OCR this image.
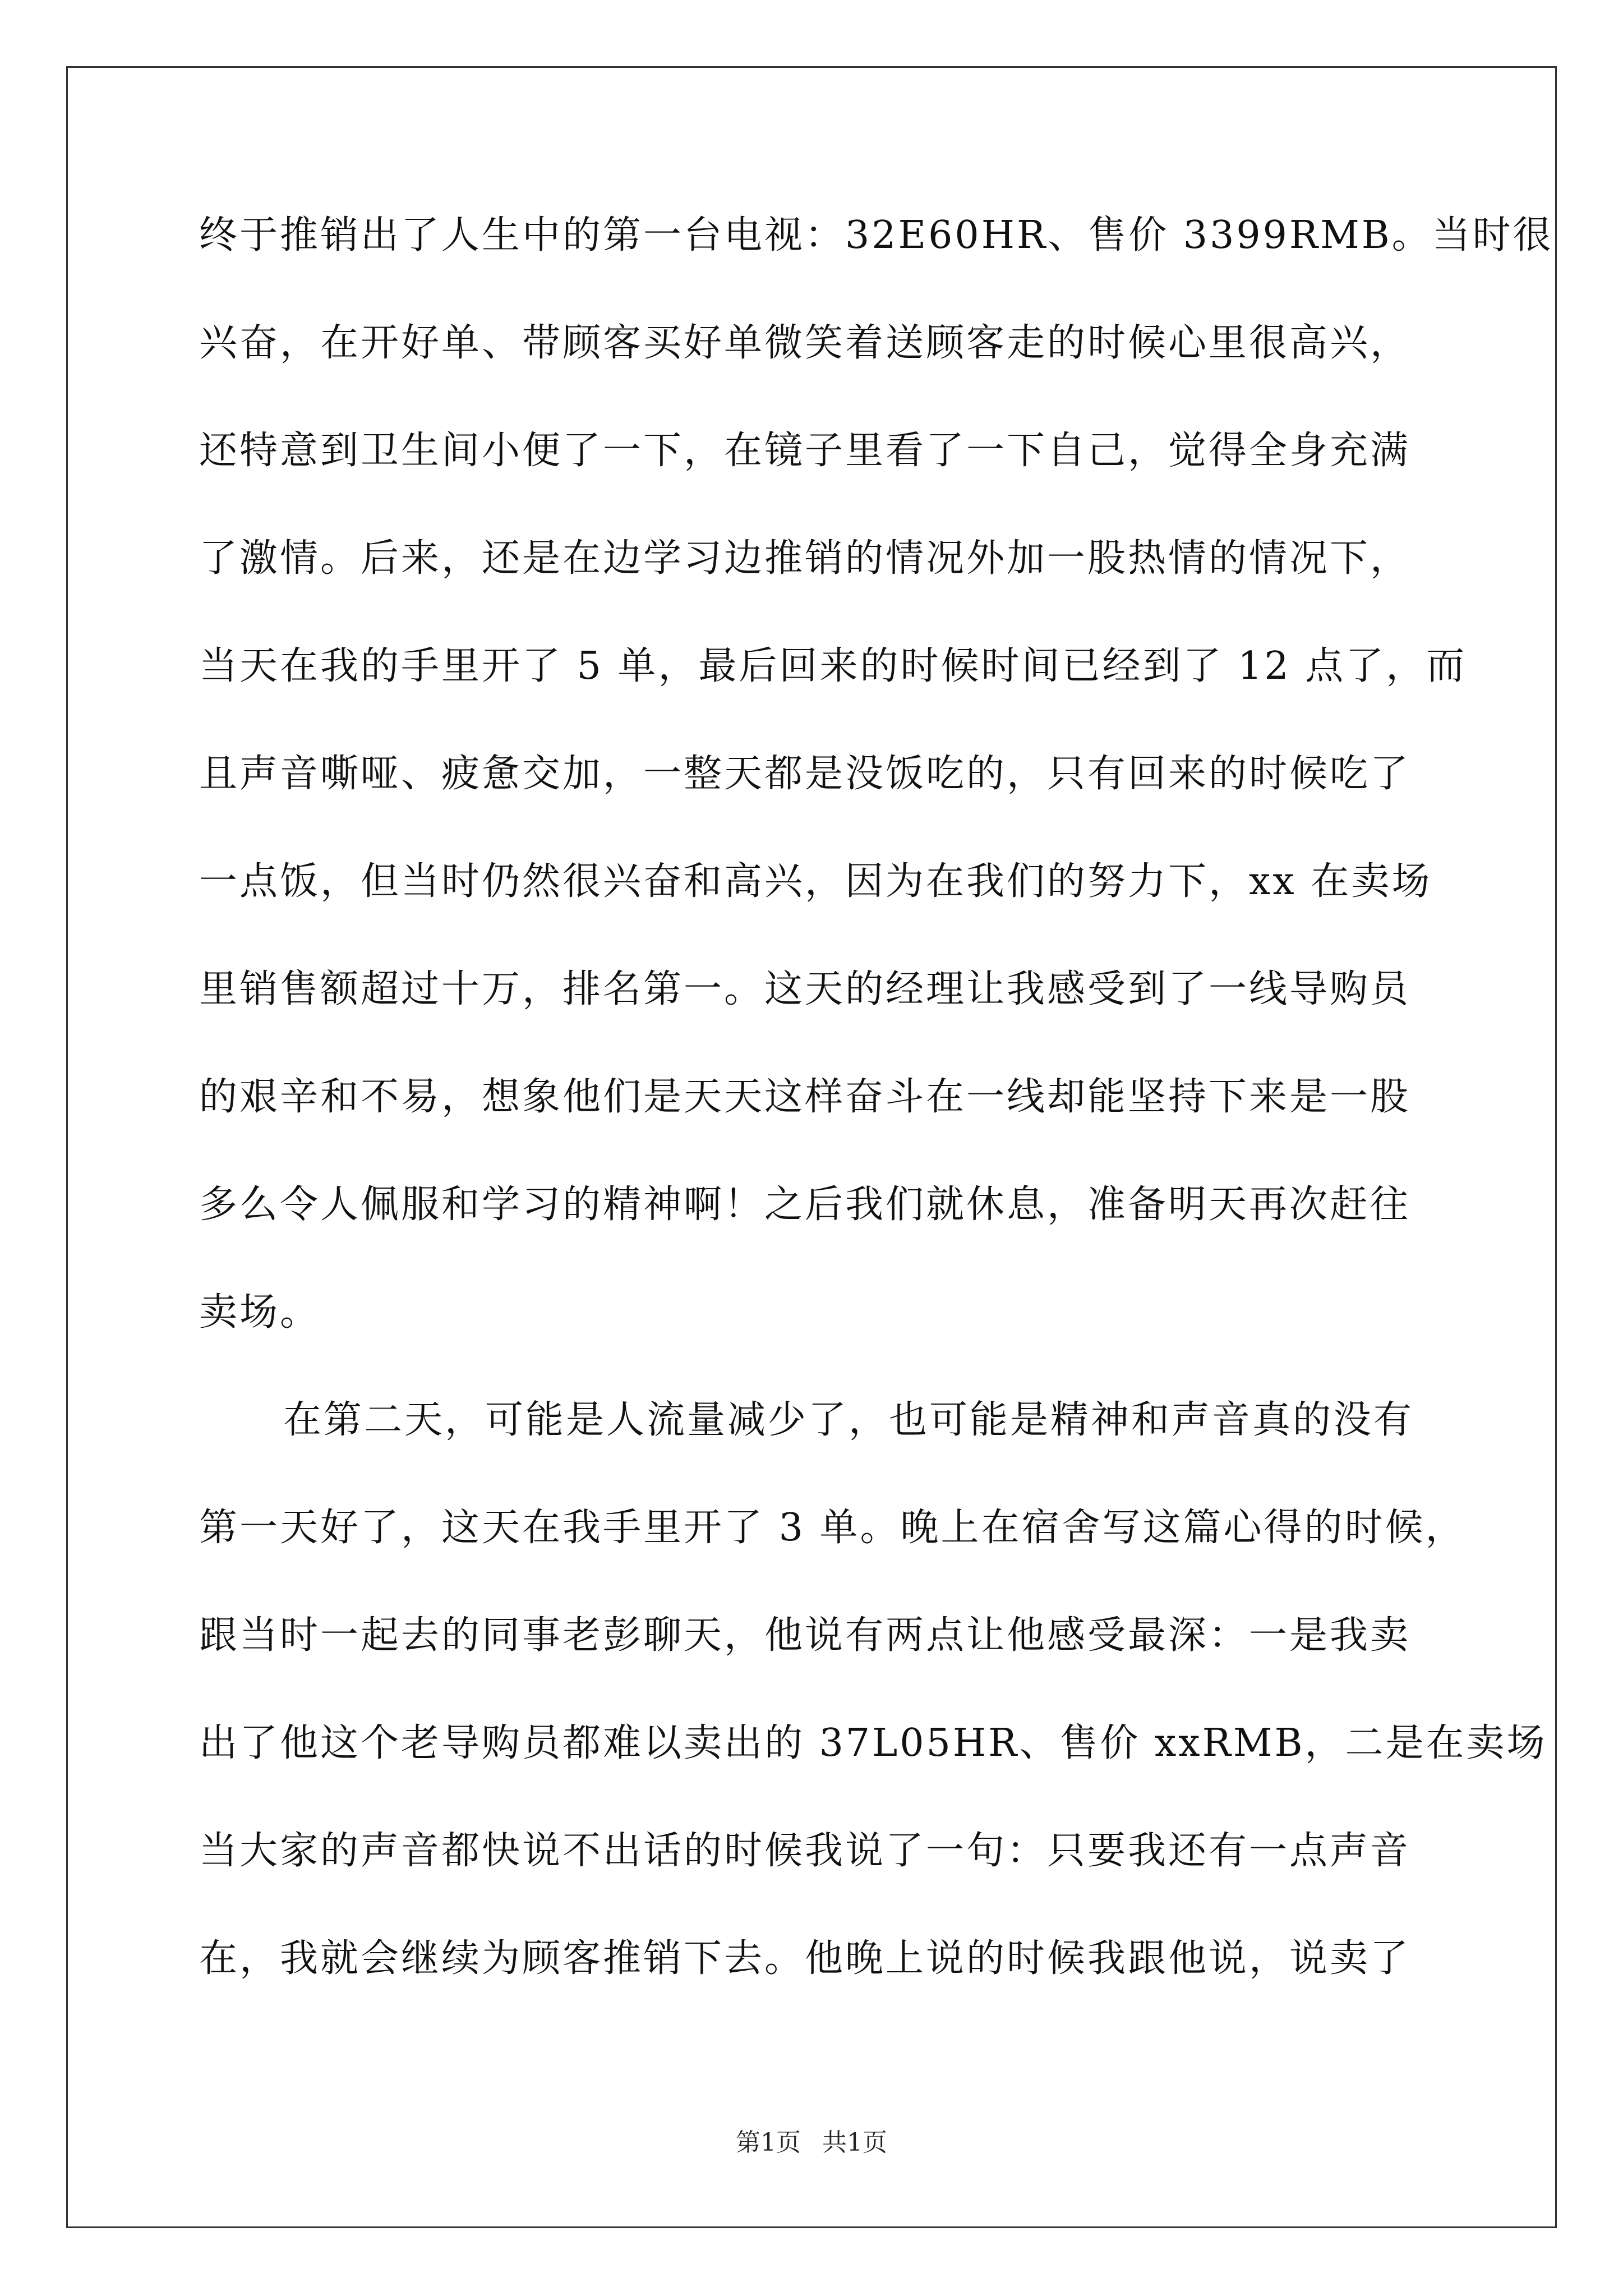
终于推销出了人生中的第一台电视：32E60HR、售价 3399RMB。当时很
兴奋，在开好单、带顾客买好单微笑着送顾客走的时候心里很高兴，
还特意到卫生间小便了一下，在镜子里看了一下自己，觉得全身充满
了激情。后来，还是在边学习边推销的情况外加一股热情的情况下，
当天在我的手里开了 5 单，最后回来的时候时间已经到了 12 点了，而
且声音嘶哑、疲惫交加，一整天都是没饭吃的，只有回来的时候吃了
一点饭，但当时仍然很兴奋和高兴，因为在我们的努力下，xx 在卖场
里销售额超过十万，排名第一。这天的经理让我感受到了一线导购员
的艰辛和不易，想象他们是天天这样奋斗在一线却能坚持下来是一股
多么令人佩服和学习的精神啊！之后我们就休息，准备明天再次赶往
卖场。
在第二天，可能是人流量减少了，也可能是精神和声音真的没有
第一天好了，这天在我手里开了 3 单。晚上在宿舍写这篇心得的时候，
跟当时一起去的同事老彭聊天，他说有两点让他感受最深：一是我卖
出了他这个老导购员都难以卖出的 37L05HR、售价 xxRMB，二是在卖场
当大家的声音都快说不出话的时候我说了一句：只要我还有一点声音
在，我就会继续为顾客推销下去。他晚上说的时候我跟他说，说卖了
第1页 共1页
